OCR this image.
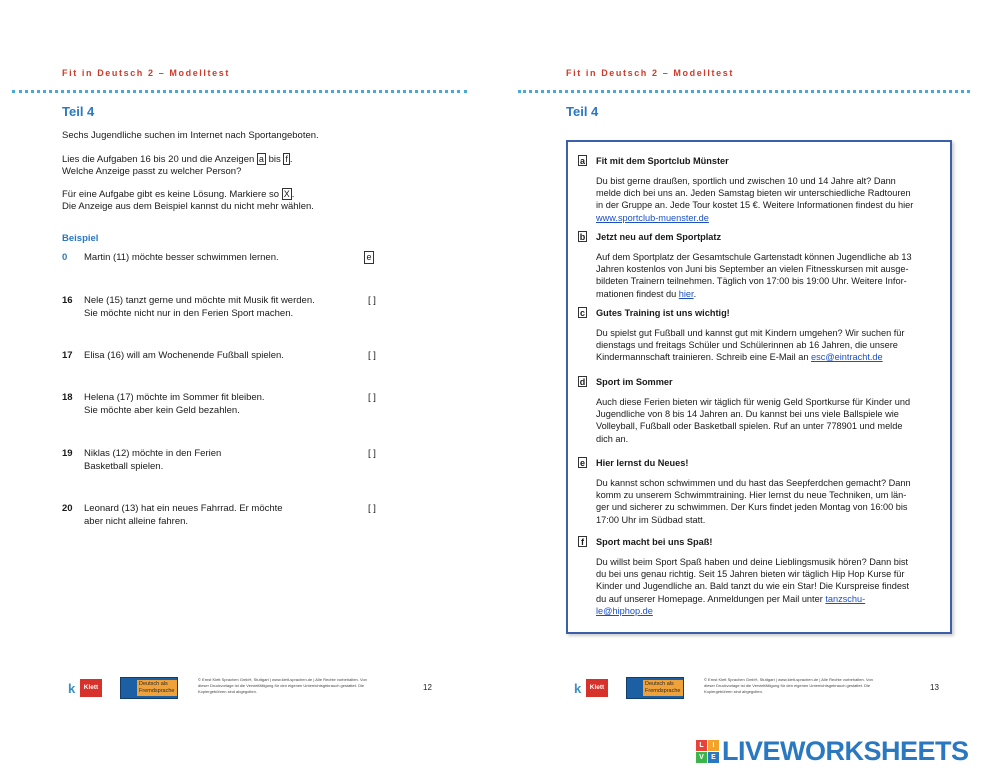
Fit in Deutsch 2 – Modelltest
Teil 4
Sechs Jugendliche suchen im Internet nach Sportangeboten.
Lies die Aufgaben 16 bis 20 und die Anzeigen a bis f .
Welche Anzeige passt zu welcher Person?
Für eine Aufgabe gibt es keine Lösung. Markiere so X .
Die Anzeige aus dem Beispiel kannst du nicht mehr wählen.
Beispiel
0	Martin (11) möchte besser schwimmen lernen.	e
16	Nele (15) tanzt gerne und möchte mit Musik fit werden.
Sie möchte nicht nur in den Ferien Sport machen.
[ ]
17	Elisa (16) will am Wochenende Fußball spielen.	[ ]
18	Helena (17) möchte im Sommer fit bleiben.
Sie möchte aber kein Geld bezahlen.
[ ]
19	Niklas (12) möchte in den Ferien
Basketball spielen.
[ ]
20	Leonard (13) hat ein neues Fahrrad. Er möchte
aber nicht alleine fahren.
[ ]
k	Klett	Deutsch als Fremdsprache
© Ernst Klett Sprachen GmbH, Stuttgart | www.klett-sprachen.de | Alle Rechte vorbehalten. Von dieser Druckvorlage ist die Vervielfältigung für den eigenen Unterrichtsgebrauch gestattet. Die Kopiergebühren sind abgegolten.	12
Fit in Deutsch 2 – Modelltest
Teil 4
a Fit mit dem Sportclub Münster
Du bist gerne draußen, sportlich und zwischen 10 und 14 Jahre alt? Dann
melde dich bei uns an. Jeden Samstag bieten wir unterschiedliche Radtouren
in der Gruppe an. Jede Tour kostet 15 €. Weitere Informationen findest du hier
www.sportclub-muenster.de
b Jetzt neu auf dem Sportplatz
Auf dem Sportplatz der Gesamtschule Gartenstadt können Jugendliche ab 13
Jahren kostenlos von Juni bis September an vielen Fitnesskursen mit ausge-
bildeten Trainern teilnehmen. Täglich von 17:00 bis 19:00 Uhr. Weitere Infor-
mationen findest du hier.
c Gutes Training ist uns wichtig!
Du spielst gut Fußball und kannst gut mit Kindern umgehen? Wir suchen für
dienstags und freitags Schüler und Schülerinnen ab 16 Jahren, die unsere
Kindermannschaft trainieren. Schreib eine E-Mail an esc@eintracht.de
d Sport im Sommer
Auch diese Ferien bieten wir täglich für wenig Geld Sportkurse für Kinder und
Jugendliche von 8 bis 14 Jahren an. Du kannst bei uns viele Ballspiele wie
Volleyball, Fußball oder Basketball spielen. Ruf an unter 778901 und melde
dich an.
e Hier lernst du Neues!
Du kannst schon schwimmen und du hast das Seepferdchen gemacht? Dann
komm zu unserem Schwimmtraining. Hier lernst du neue Techniken, um län-
ger und sicherer zu schwimmen. Der Kurs findet jeden Montag von 16:00 bis
17:00 Uhr im Südbad statt.
f	Sport macht bei uns Spaß!
Du willst beim Sport Spaß haben und deine Lieblingsmusik hören? Dann bist
du bei uns genau richtig. Seit 15 Jahren bieten wir täglich Hip Hop Kurse für
Kinder und Jugendliche an. Bald tanzt du wie ein Star! Die Kurspreise findest
du auf unserer Homepage. Anmeldungen per Mail unter tanzschu-
le@hiphop.de
k	Klett	Deutsch als Fremdsprache
© Ernst Klett Sprachen GmbH, Stuttgart | www.klett-sprachen.de | Alle Rechte vorbehalten. Von dieser Druckvorlage ist die Vervielfältigung für den eigenen Unterrichtsgebrauch gestattet. Die Kopiergebühren sind abgegolten.	13
L	I
V	E LIVEWORKSHEETS
